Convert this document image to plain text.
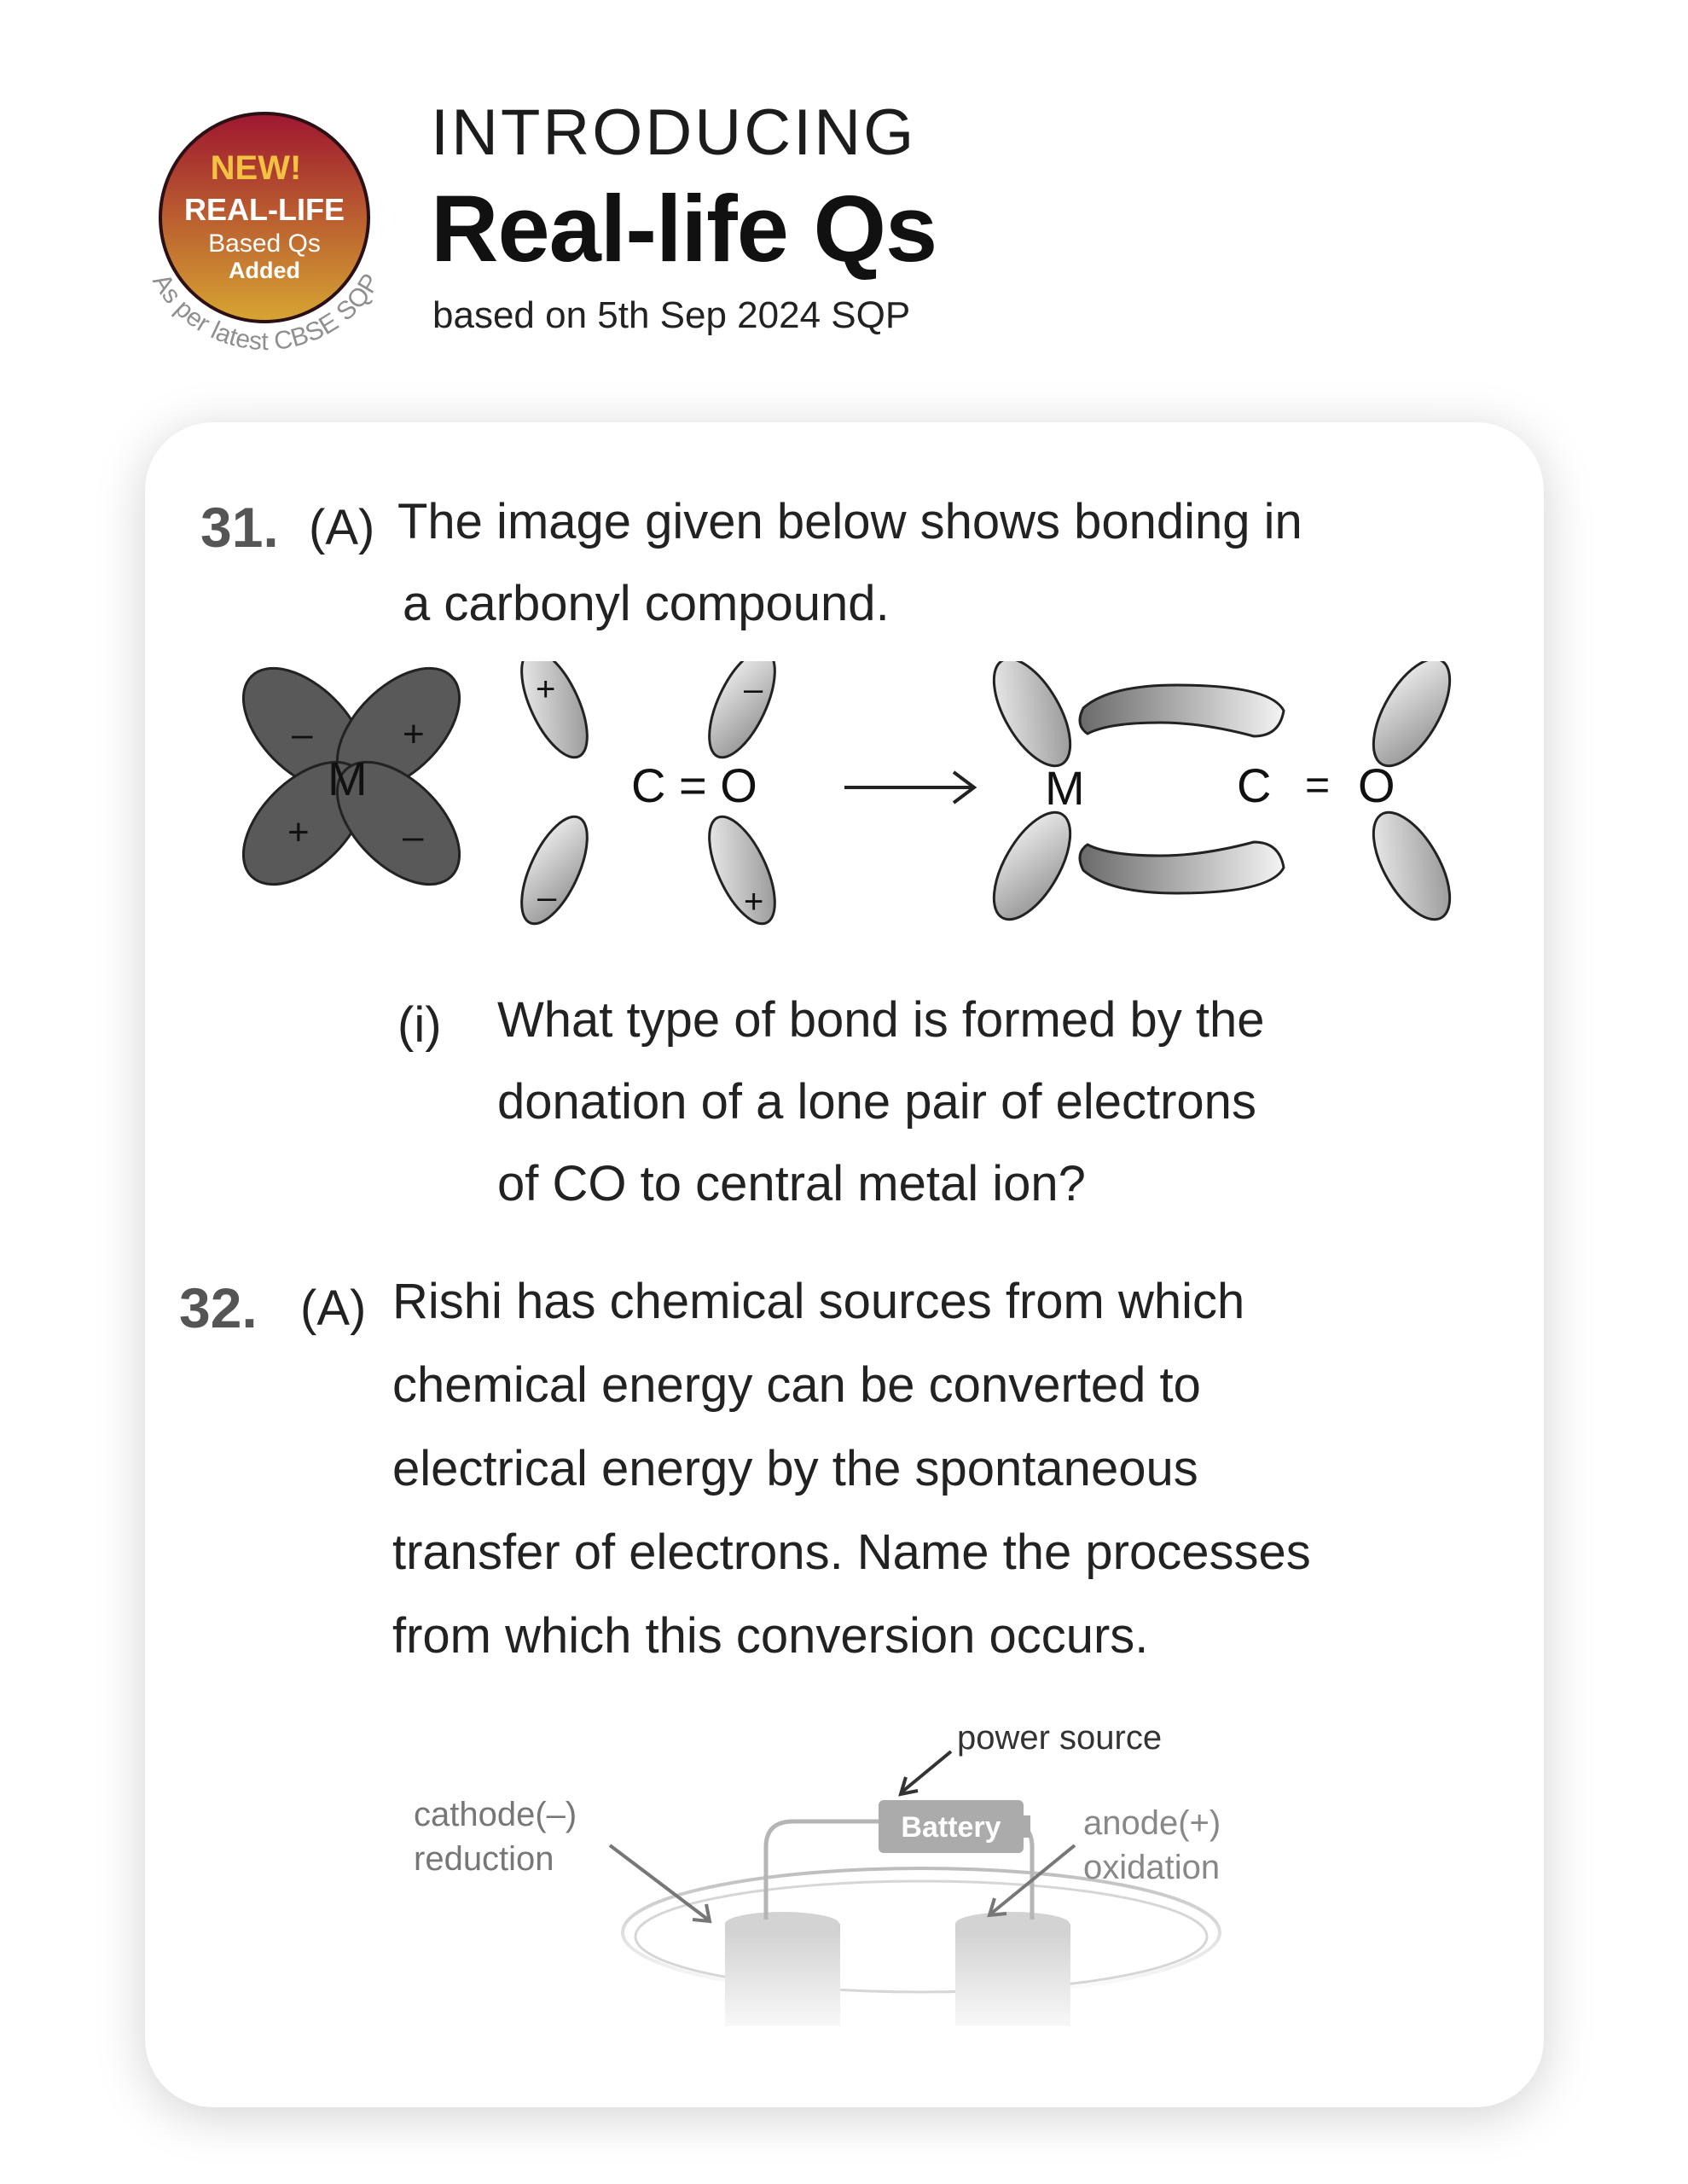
NEW!
REAL-LIFE
Based Qs
Added
As per latest CBSE SQP
INTRODUCING
Real-life Qs
based on 5th Sep 2024 SQP
31. (A) The image given below shows bonding in
a carbonyl compound.
– +
+ –
M
+	–
–	+
C = O	M	C = O
(i) What type of bond is formed by the
donation of a lone pair of electrons
of CO to central metal ion?
32. (A) Rishi has chemical sources from which
chemical energy can be converted to
electrical energy by the spontaneous
transfer of electrons. Name the processes
from which this conversion occurs.
Battery
power source
cathode(–)
reduction
anode(+)
oxidation
